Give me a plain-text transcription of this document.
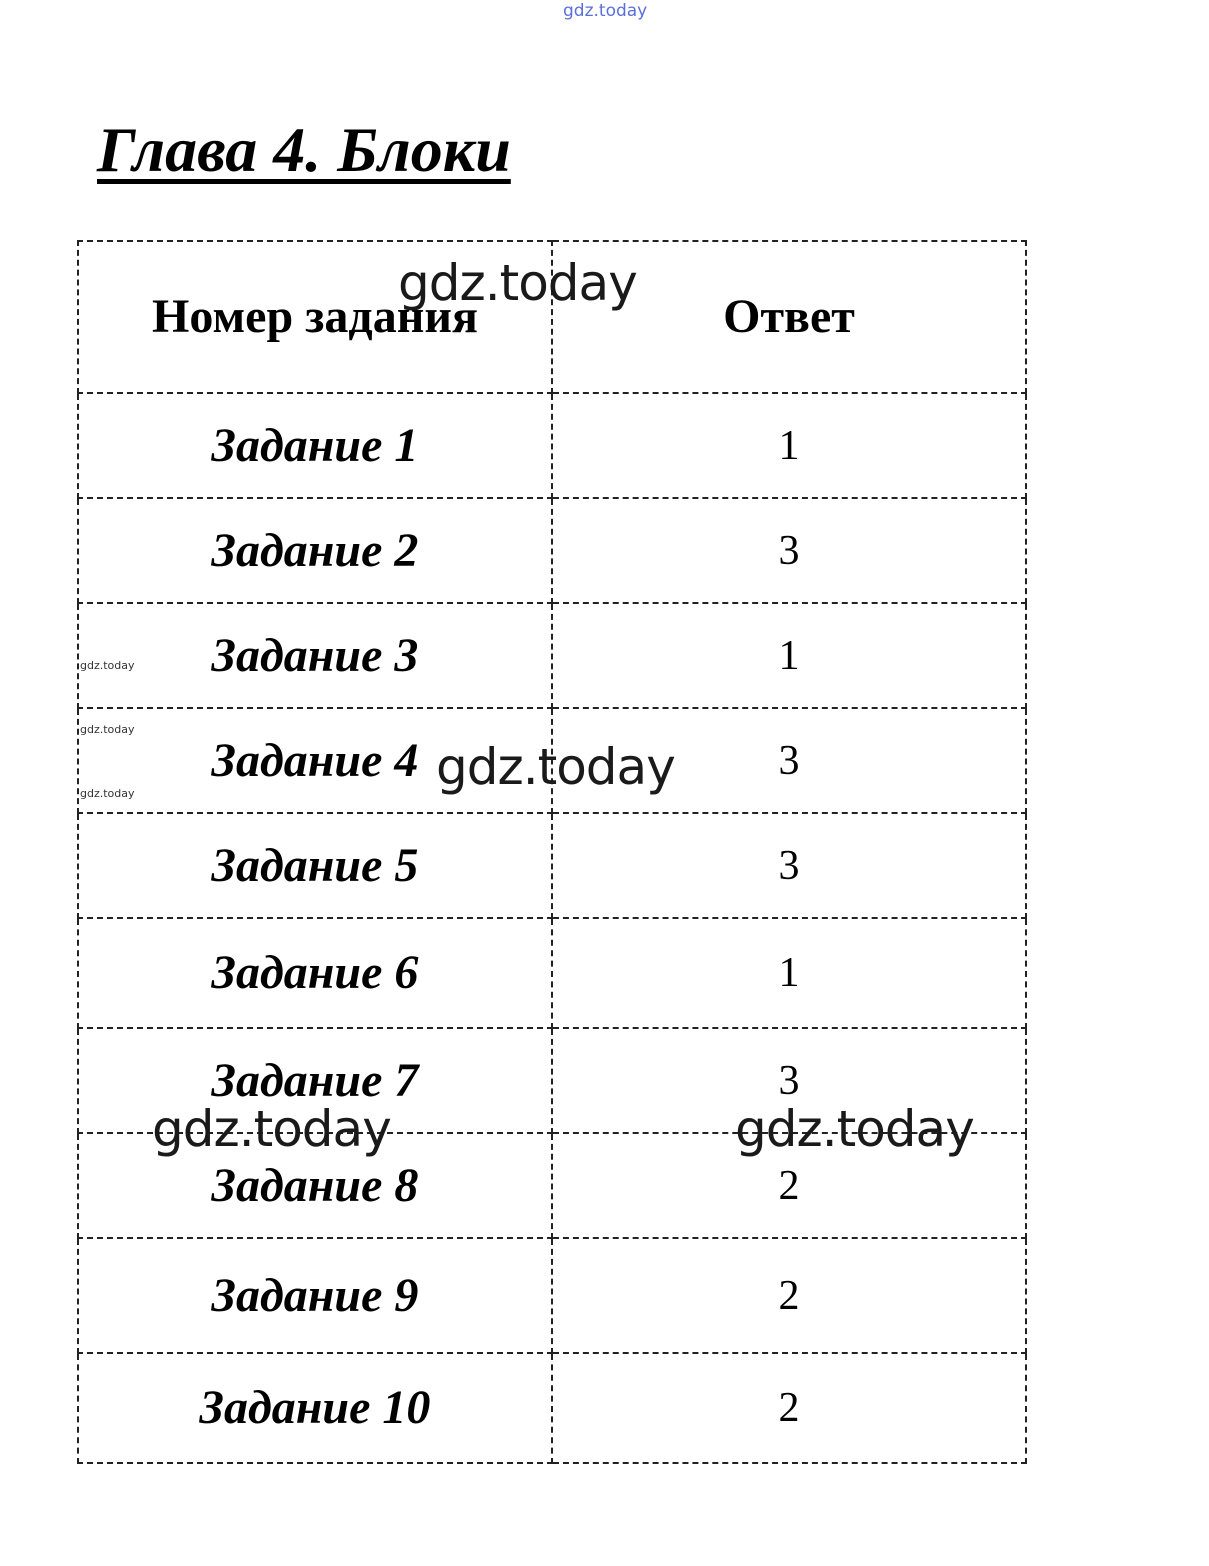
gdz.today
Глава 4. Блоки
Номер задания	Ответ
Задание 1	1
Задание 2	3
Задание 3	1
Задание 4	3
Задание 5	3
Задание 6	1
Задание 7	3
Задание 8	2
Задание 9	2
Задание 10	2
gdz.today
gdz.today
gdz.today	gdz.today
gdz.today
gdz.today
gdz.today
